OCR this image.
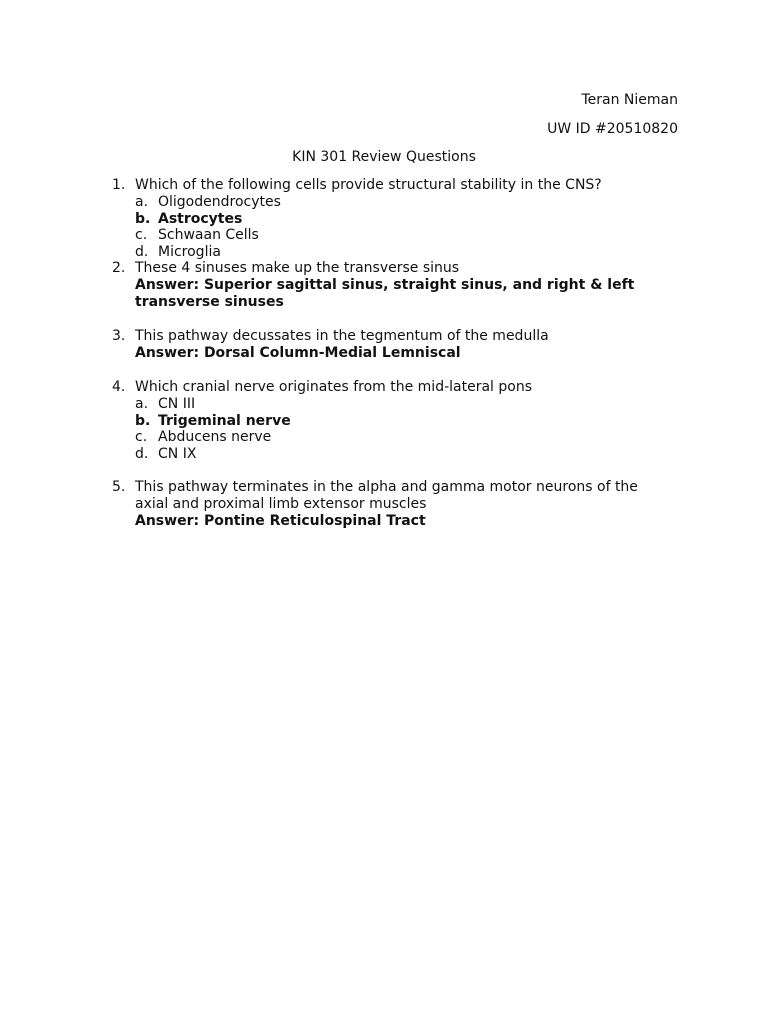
Teran Nieman
UW ID #20510820
KIN 301 Review Questions
1. Which of the following cells provide structural stability in the CNS?
a. Oligodendrocytes
b. Astrocytes
c. Schwaan Cells
d. Microglia
2. These 4 sinuses make up the transverse sinus
Answer: Superior sagittal sinus, straight sinus, and right & left transverse sinuses
3. This pathway decussates in the tegmentum of the medulla
Answer: Dorsal Column-Medial Lemniscal
4. Which cranial nerve originates from the mid-lateral pons
a. CN III
b. Trigeminal nerve
c. Abducens nerve
d. CN IX
5. This pathway terminates in the alpha and gamma motor neurons of the axial and proximal limb extensor muscles
Answer: Pontine Reticulospinal Tract
